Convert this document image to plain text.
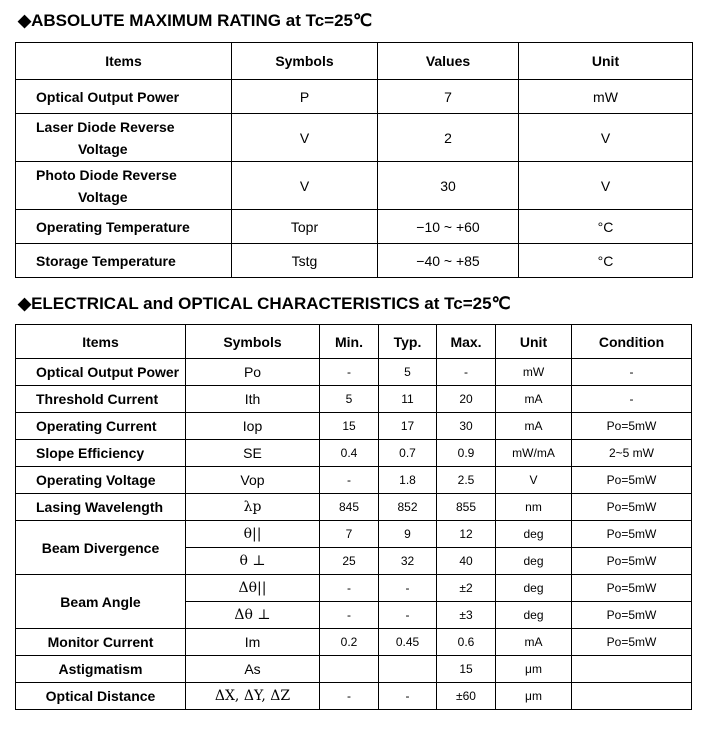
◆ABSOLUTE MAXIMUM RATING at Tc=25℃
Items	Symbols	Values	Unit
Optical Output Power	P	7	mW
Laser Diode Reverse
Voltage	V	2	V
Photo Diode Reverse
Voltage	V	30	V
Operating Temperature	Topr	−10 ~ +60	°C
Storage Temperature	Tstg	−40 ~ +85	°C
◆ELECTRICAL and OPTICAL CHARACTERISTICS at Tc=25℃
Items	Symbols	Min.	Typ.	Max.	Unit	Condition
Optical Output Power	Po	-	5	-	mW	-
Threshold Current	Ith	5	11	20	mA	-
Operating Current	Iop	15	17	30	mA	Po=5mW
Slope Efficiency	SE	0.4	0.7	0.9	mW/mA	2~5 mW
Operating Voltage	Vop	-	1.8	2.5	V	Po=5mW
Lasing Wavelength	λp	845	852	855	nm	Po=5mW
Beam Divergence	θ||	7	9	12	deg	Po=5mW
	θ ⊥	25	32	40	deg	Po=5mW
Beam Angle	Δθ||	-	-	±2	deg	Po=5mW
	Δθ ⊥	-	-	±3	deg	Po=5mW
Monitor Current	Im	0.2	0.45	0.6	mA	Po=5mW
Astigmatism	As			15	μm	
Optical Distance	ΔX, ΔY, ΔZ	-	-	±60	μm	
